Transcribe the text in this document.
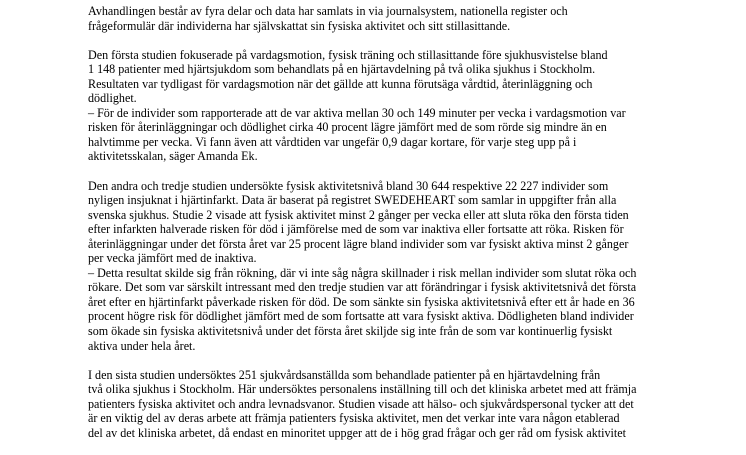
Avhandlingen består av fyra delar och data har samlats in via journalsystem, nationella register och
frågeformulär där individerna har självskattat sin fysiska aktivitet och sitt stillasittande.

Den första studien fokuserade på vardagsmotion, fysisk träning och stillasittande före sjukhusvistelse bland
1 148 patienter med hjärtsjukdom som behandlats på en hjärtavdelning på två olika sjukhus i Stockholm.
Resultaten var tydligast för vardagsmotion när det gällde att kunna förutsäga vårdtid, återinläggning och
dödlighet.
– För de individer som rapporterade att de var aktiva mellan 30 och 149 minuter per vecka i vardagsmotion var
risken för återinläggningar och dödlighet cirka 40 procent lägre jämfört med de som rörde sig mindre än en
halvtimme per vecka. Vi fann även att vårdtiden var ungefär 0,9 dagar kortare, för varje steg upp på i
aktivitetsskalan, säger Amanda Ek.

Den andra och tredje studien undersökte fysisk aktivitetsnivå bland 30 644 respektive 22 227 individer som
nyligen insjuknat i hjärtinfarkt. Data är baserat på registret SWEDEHEART som samlar in uppgifter från alla
svenska sjukhus. Studie 2 visade att fysisk aktivitet minst 2 gånger per vecka eller att sluta röka den första tiden
efter infarkten halverade risken för död i jämförelse med de som var inaktiva eller fortsatte att röka. Risken för
återinläggningar under det första året var 25 procent lägre bland individer som var fysiskt aktiva minst 2 gånger
per vecka jämfört med de inaktiva.
– Detta resultat skilde sig från rökning, där vi inte såg några skillnader i risk mellan individer som slutat röka och
rökare. Det som var särskilt intressant med den tredje studien var att förändringar i fysisk aktivitetsnivå det första
året efter en hjärtinfarkt påverkade risken för död. De som sänkte sin fysiska aktivitetsnivå efter ett år hade en 36
procent högre risk för dödlighet jämfört med de som fortsatte att vara fysiskt aktiva. Dödligheten bland individer
som ökade sin fysiska aktivitetsnivå under det första året skiljde sig inte från de som var kontinuerlig fysiskt
aktiva under hela året.

I den sista studien undersöktes 251 sjukvårdsanställda som behandlade patienter på en hjärtavdelning från
två olika sjukhus i Stockholm. Här undersöktes personalens inställning till och det kliniska arbetet med att främja
patienters fysiska aktivitet och andra levnadsvanor. Studien visade att hälso- och sjukvårdspersonal tycker att det
är en viktig del av deras arbete att främja patienters fysiska aktivitet, men det verkar inte vara någon etablerad
del av det kliniska arbetet, då endast en minoritet uppger att de i hög grad frågar och ger råd om fysisk aktivitet
